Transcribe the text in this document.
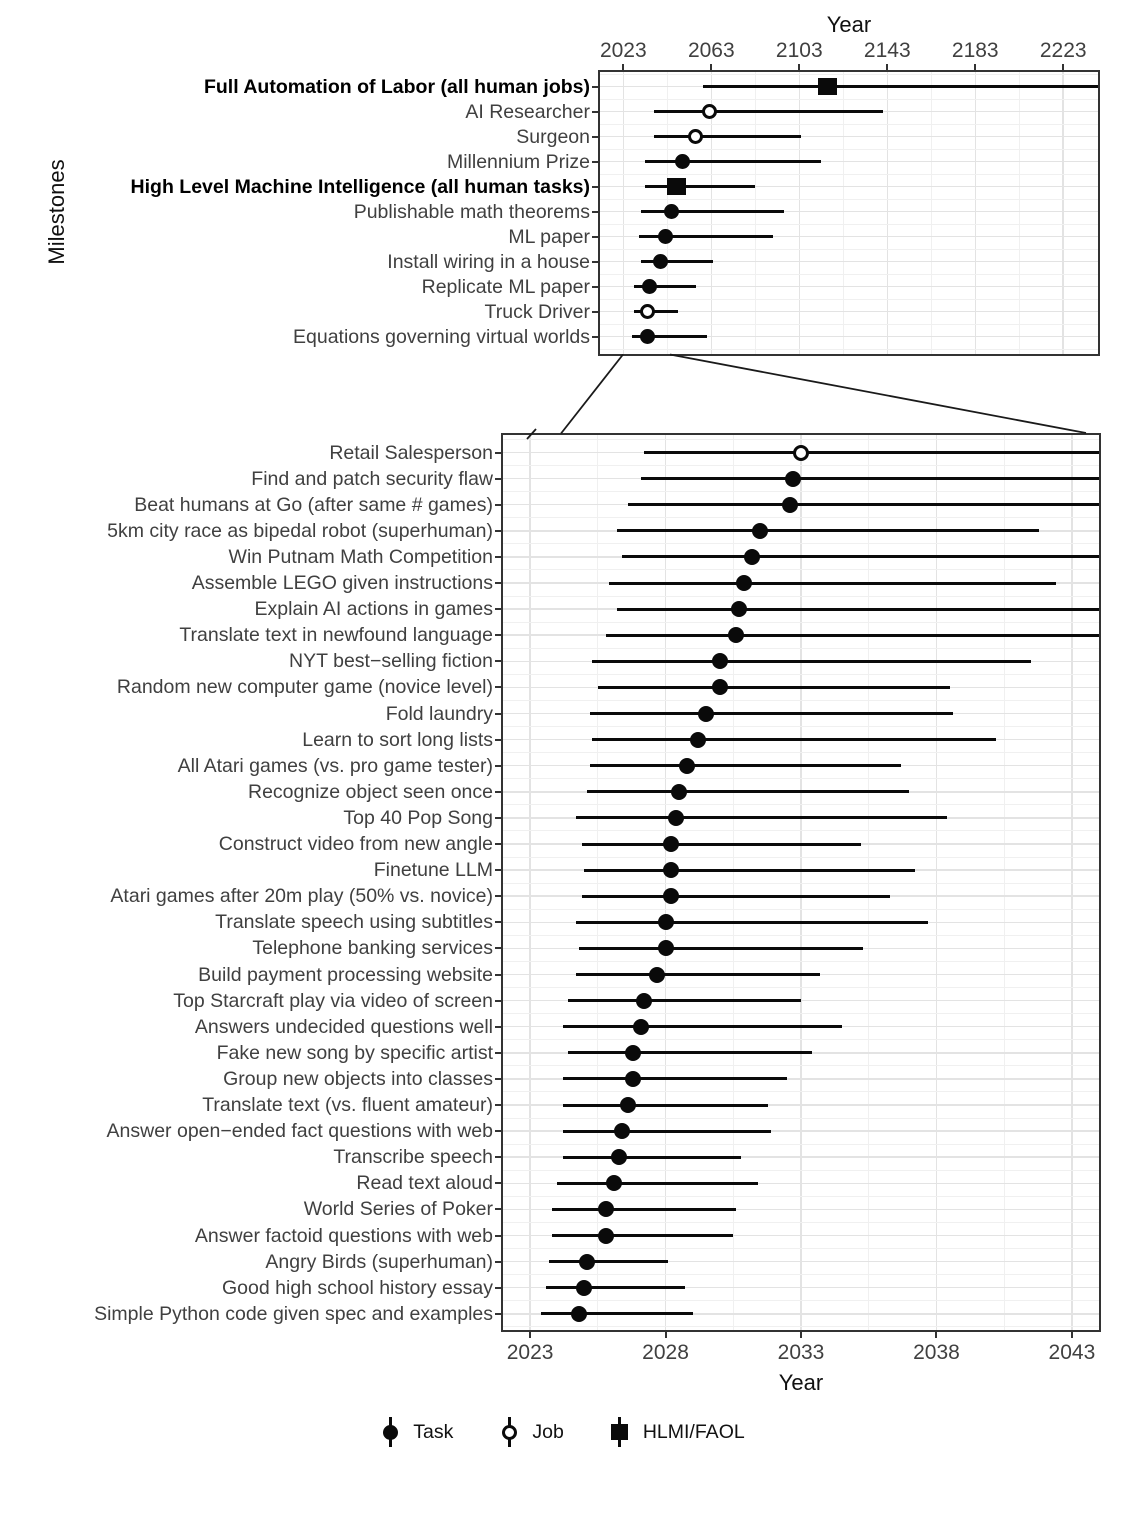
Year
Milestones
Year
2023	2063	2103	2143	2183	2223
Full Automation of Labor (all human jobs)
AI Researcher
Surgeon
Millennium Prize
High Level Machine Intelligence (all human tasks)
Publishable math theorems
ML paper
Install wiring in a house
Replicate ML paper
Truck Driver
Equations governing virtual worlds
2023	2028	2033	2038	2043
Retail Salesperson
Find and patch security flaw
Beat humans at Go (after same # games)
5km city race as bipedal robot (superhuman)
Win Putnam Math Competition
Assemble LEGO given instructions
Explain AI actions in games
Translate text in newfound language
NYT best−selling fiction
Random new computer game (novice level)
Fold laundry
Learn to sort long lists
All Atari games (vs. pro game tester)
Recognize object seen once
Top 40 Pop Song
Construct video from new angle
Finetune LLM
Atari games after 20m play (50% vs. novice)
Translate speech using subtitles
Telephone banking services
Build payment processing website
Top Starcraft play via video of screen
Answers undecided questions well
Fake new song by specific artist
Group new objects into classes
Translate text (vs. fluent amateur)
Answer open−ended fact questions with web
Transcribe speech
Read text aloud
World Series of Poker
Answer factoid questions with web
Angry Birds (superhuman)
Good high school history essay
Simple Python code given spec and examples
Task	Job	HLMI/FAOL
